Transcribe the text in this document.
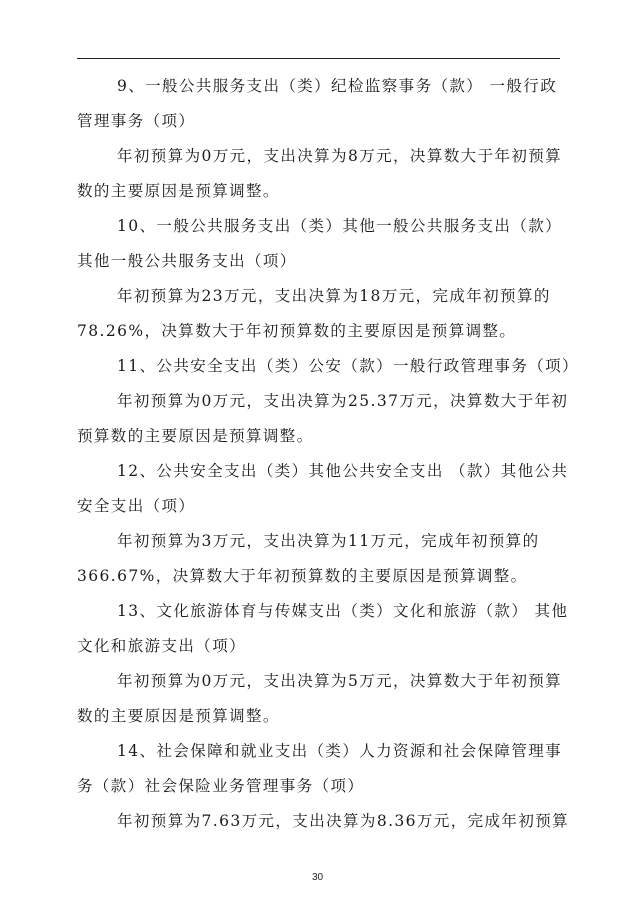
9、一般公共服务支出（类）纪检监察事务（款） 一般行政
管理事务（项）
年初预算为0万元，支出决算为8万元，决算数大于年初预算
数的主要原因是预算调整。
10、一般公共服务支出（类）其他一般公共服务支出（款）
其他一般公共服务支出（项）
年初预算为23万元，支出决算为18万元，完成年初预算的
78.26%，决算数大于年初预算数的主要原因是预算调整。
11、公共安全支出（类）公安（款）一般行政管理事务（项）
年初预算为0万元，支出决算为25.37万元，决算数大于年初
预算数的主要原因是预算调整。
12、公共安全支出（类）其他公共安全支出 （款）其他公共
安全支出（项）
年初预算为3万元，支出决算为11万元，完成年初预算的
366.67%，决算数大于年初预算数的主要原因是预算调整。
13、文化旅游体育与传媒支出（类）文化和旅游（款） 其他
文化和旅游支出（项）
年初预算为0万元，支出决算为5万元，决算数大于年初预算
数的主要原因是预算调整。
14、社会保障和就业支出（类）人力资源和社会保障管理事
务（款）社会保险业务管理事务（项）
年初预算为7.63万元，支出决算为8.36万元，完成年初预算
30
